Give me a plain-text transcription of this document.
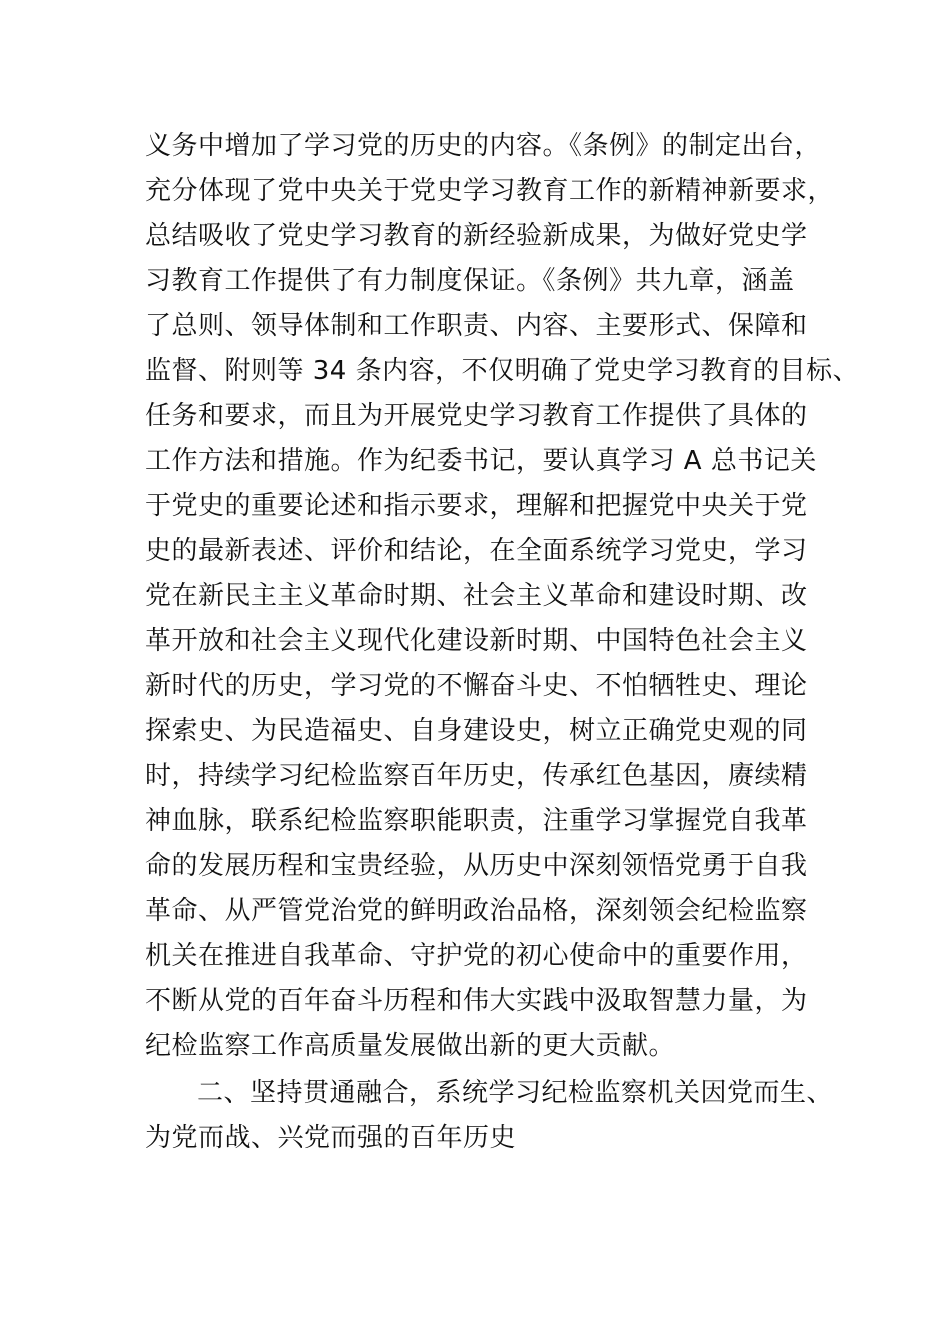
义务中增加了学习党的历史的内容。《条例》的制定出台，
充分体现了党中央关于党史学习教育工作的新精神新要求，
总结吸收了党史学习教育的新经验新成果，为做好党史学
习教育工作提供了有力制度保证。《条例》共九章，涵盖
了总则、领导体制和工作职责、内容、主要形式、保障和
监督、附则等 34 条内容，不仅明确了党史学习教育的目标、
任务和要求，而且为开展党史学习教育工作提供了具体的
工作方法和措施。作为纪委书记，要认真学习 A 总书记关
于党史的重要论述和指示要求，理解和把握党中央关于党
史的最新表述、评价和结论，在全面系统学习党史，学习
党在新民主主义革命时期、社会主义革命和建设时期、改
革开放和社会主义现代化建设新时期、中国特色社会主义
新时代的历史，学习党的不懈奋斗史、不怕牺牲史、理论
探索史、为民造福史、自身建设史，树立正确党史观的同
时，持续学习纪检监察百年历史，传承红色基因，赓续精
神血脉，联系纪检监察职能职责，注重学习掌握党自我革
命的发展历程和宝贵经验，从历史中深刻领悟党勇于自我
革命、从严管党治党的鲜明政治品格，深刻领会纪检监察
机关在推进自我革命、守护党的初心使命中的重要作用，
不断从党的百年奋斗历程和伟大实践中汲取智慧力量，为
纪检监察工作高质量发展做出新的更大贡献。
二、坚持贯通融合，系统学习纪检监察机关因党而生、
为党而战、兴党而强的百年历史
